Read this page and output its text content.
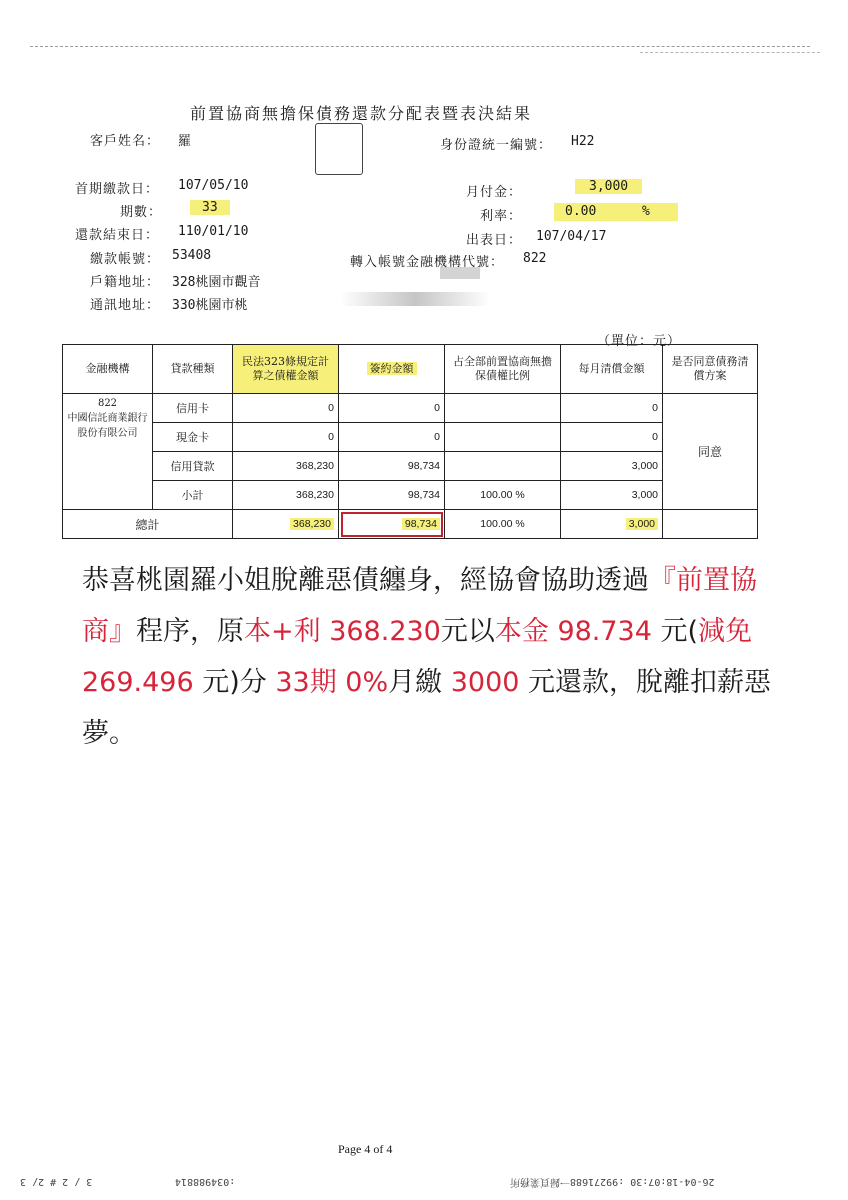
前置協商無擔保債務還款分配表暨表決結果
客戶姓名： 羅	身份證統一編號： H22
首期繳款日： 107/05/10	月付金：	3,000
期數：	33
利率：	0.00	%
還款結束日： 110/01/10
出表日： 107/04/17
繳款帳號： 53408	轉入帳號金融機構代號： 822
戶籍地址： 328桃園市觀音
通訊地址： 330桃園市桃
（單位：元）
金融機構	貸款種類	民法323條規定計算之債權金額	簽約金額	占全部前置協商無擔保債權比例	每月清償金額	是否同意債務清償方案

822
中國信託商業銀行股份有限公司	信用卡	0	0		0	同意
	現金卡	0	0		0	
	信用貸款	368,230	98,734		3,000	
	小計	368,230	98,734	100.00 %	3,000	
總計		368,230	98,734	100.00 %	3,000	
恭喜桃園羅小姐脫離惡債纏身，經協會協助透過『前置協商』程序，原本+利 368.230元以本金 98.734 元(減免 269.496 元)分 33期 0%月繳 3000 元還款，脫離扣薪惡夢。
Page 4 of 4
3 / 2 # 2/ 3	:034988814	26-04-18:07:30 :99271688一歸頁業務所
